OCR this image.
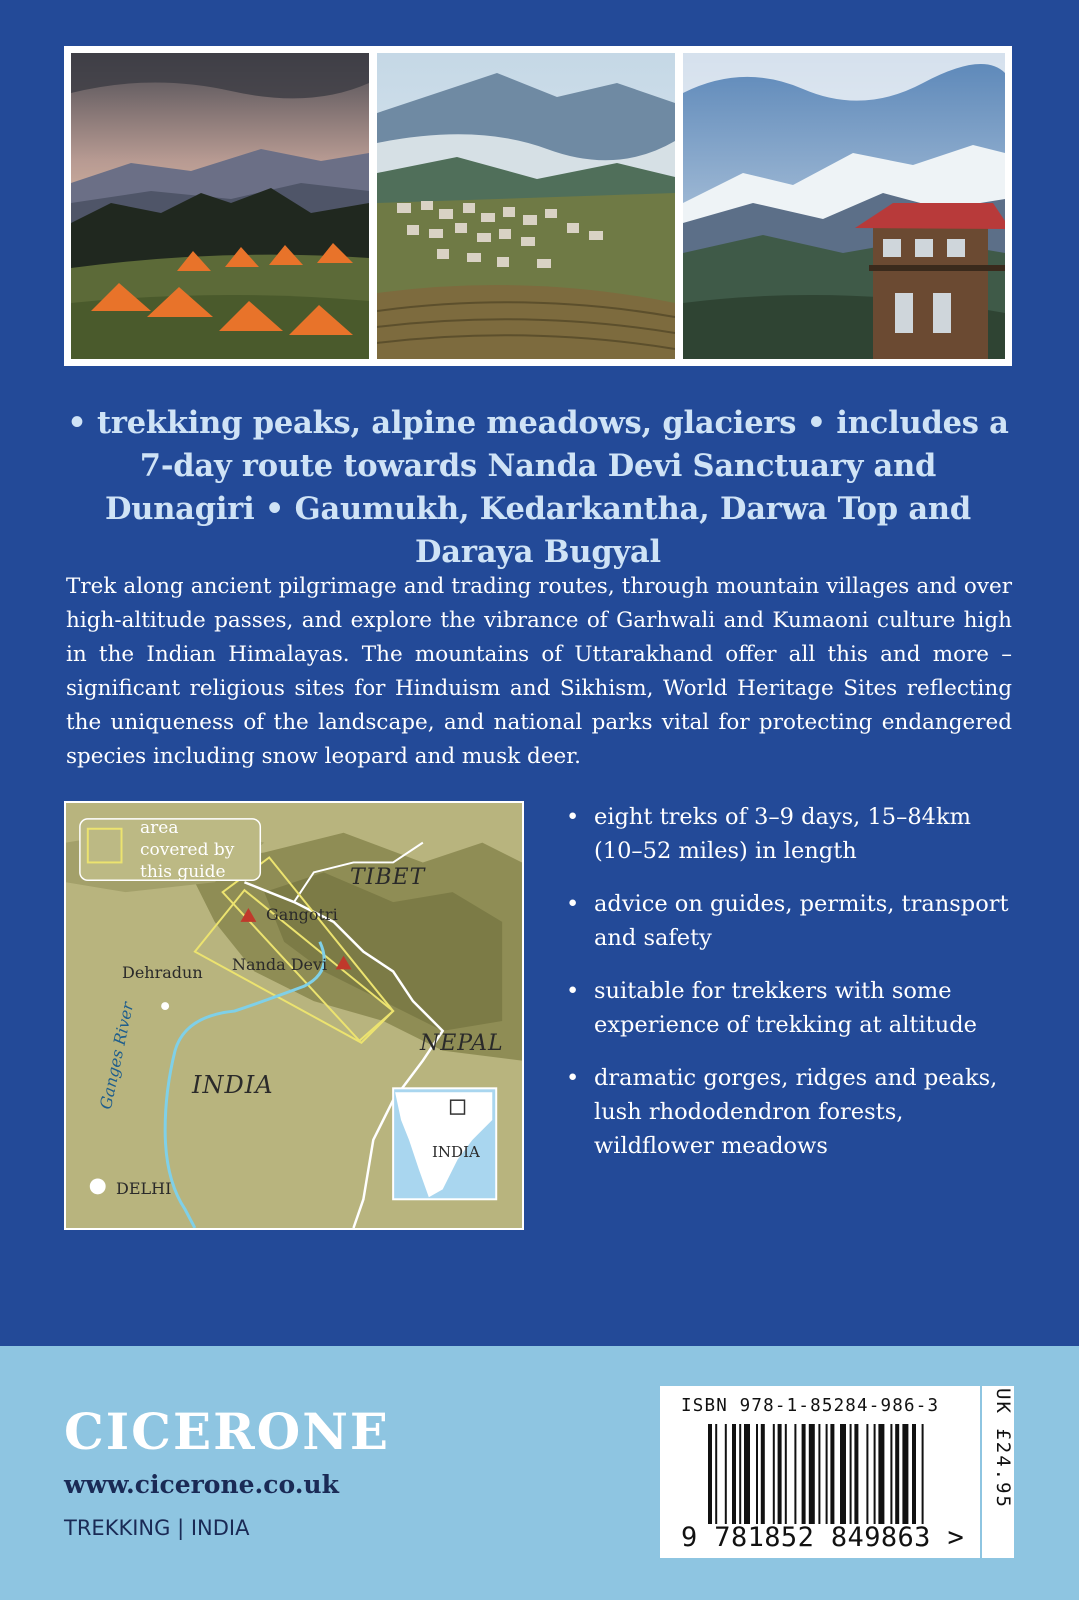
• trekking peaks, alpine meadows, glaciers • includes a 7-day route towards Nanda Devi Sanctuary and Dunagiri • Gaumukh, Kedarkantha, Darwa Top and Daraya Bugyal
Trek along ancient pilgrimage and trading routes, through mountain villages and over high-altitude passes, and explore the vibrance of Garhwali and Kumaoni culture high in the Indian Himalayas. The mountains of Uttarakhand offer all this and more – significant religious sites for Hinduism and Sikhism, World Heritage Sites reflecting the uniqueness of the landscape, and national parks vital for protecting endangered species including snow leopard and musk deer.
area covered by this guide	TIBET
Gangotri
Nanda Devi
Dehradun
NEPAL
Ganges River INDIA
DELHI
INDIA
• eight treks of 3–9 days, 15–84km (10–52 miles) in length
• advice on guides, permits, transport and safety
• suitable for trekkers with some experience of trekking at altitude
• dramatic gorges, ridges and peaks, lush rhododendron forests, wildflower meadows
CICERONE
www.cicerone.co.uk
TREKKING | INDIA
ISBN 978-1-85284-986-3
9 781852 849863 >
UK £24.95
